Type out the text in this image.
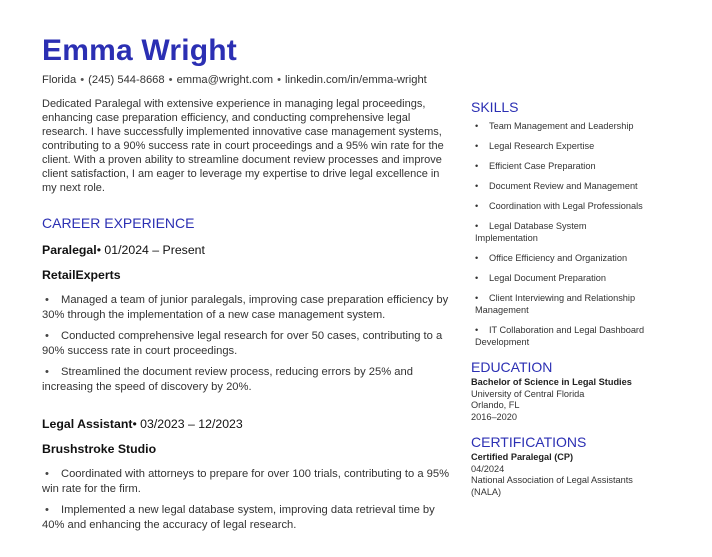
Emma Wright
Florida • (245) 544-8668 • emma@wright.com • linkedin.com/in/emma-wright

Dedicated Paralegal with extensive experience in managing legal proceedings, enhancing case preparation efficiency, and conducting comprehensive legal research. I have successfully implemented innovative case management systems, contributing to a 90% success rate in court proceedings and a 95% win rate for the client. With a proven ability to streamline document review processes and improve client satisfaction, I am eager to leverage my expertise to drive legal excellence in my next role.

CAREER EXPERIENCE

Paralegal• 01/2024 – Present

RetailExperts

• Managed a team of junior paralegals, improving case preparation efficiency by 30% through the implementation of a new case management system.
• Conducted comprehensive legal research for over 50 cases, contributing to a 90% success rate in court proceedings.
• Streamlined the document review process, reducing errors by 25% and increasing the speed of discovery by 20%.

Legal Assistant• 03/2023 – 12/2023

Brushstroke Studio

• Coordinated with attorneys to prepare for over 100 trials, contributing to a 95% win rate for the firm.
• Implemented a new legal database system, improving data retrieval time by 40% and enhancing the accuracy of legal research.
SKILLS
• Team Management and Leadership
• Legal Research Expertise
• Efficient Case Preparation
• Document Review and Management
• Coordination with Legal Professionals
• Legal Database System Implementation
• Office Efficiency and Organization
• Legal Document Preparation
• Client Interviewing and Relationship Management
• IT Collaboration and Legal Dashboard Development
EDUCATION

Bachelor of Science in Legal Studies

University of Central Florida

Orlando, FL

2016–2020

CERTIFICATIONS

Certified Paralegal (CP)

04/2024

National Association of Legal Assistants (NALA)
